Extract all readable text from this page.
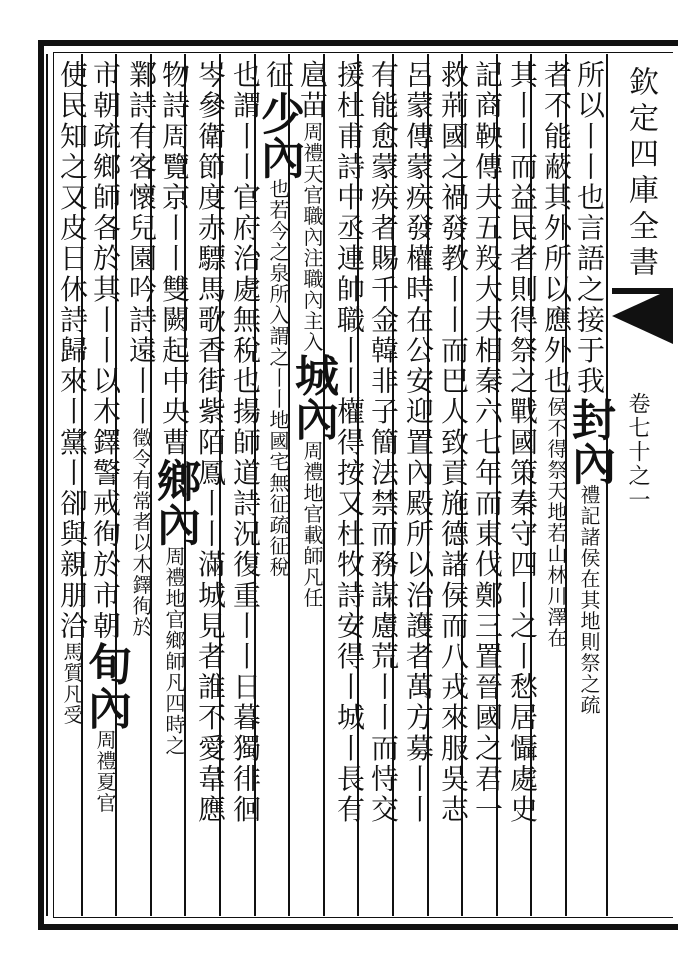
欽定四庫全書
卷七十之一
所以丨丨也言語之接于我封內禮記諸侯在其地則祭之疏
者不能蔽其外所以應外也侯不得祭天地若山林川澤在
其丨丨而益民者則得祭之戰國策秦守四丨之丨愁居懾處史
記商鞅傳夫五羖大夫相秦六七年而東伐鄭三置晉國之君一
救荊國之禍發教丨丨而巴人致貢施德諸侯而八戎來服吳志
呂蒙傳蒙疾發權時在公安迎置內殿所以治護者萬方募丨丨
有能愈蒙疾者賜千金韓非子簡法禁而務謀慮荒丨丨而恃交
援杜甫詩中丞連帥職丨丨權得按又杜牧詩安得丨城丨長有
扈苗周禮天官職內注職內主入城內周禮地官載師凡任
征少內也若今之泉所入謂之丨丨地國宅無征疏征稅
也謂丨丨官府治處無稅也揚師道詩況復重丨丨日暮獨徘徊
岑參衛節度赤驃馬歌香街紫陌鳳丨丨滿城見者誰不愛韋應
物詩周覽京丨丨雙闕起中央曹鄉內周禮地官鄉師凡四時之
鄴詩有客懷兒園吟詩遠丨丨徵令有常者以木鐸徇於
市朝疏鄉師各於其丨丨以木鐸警戒徇於市朝旬內周禮夏官
使民知之又皮日休詩歸來丨黨丨卻與親朋洽馬質凡受
